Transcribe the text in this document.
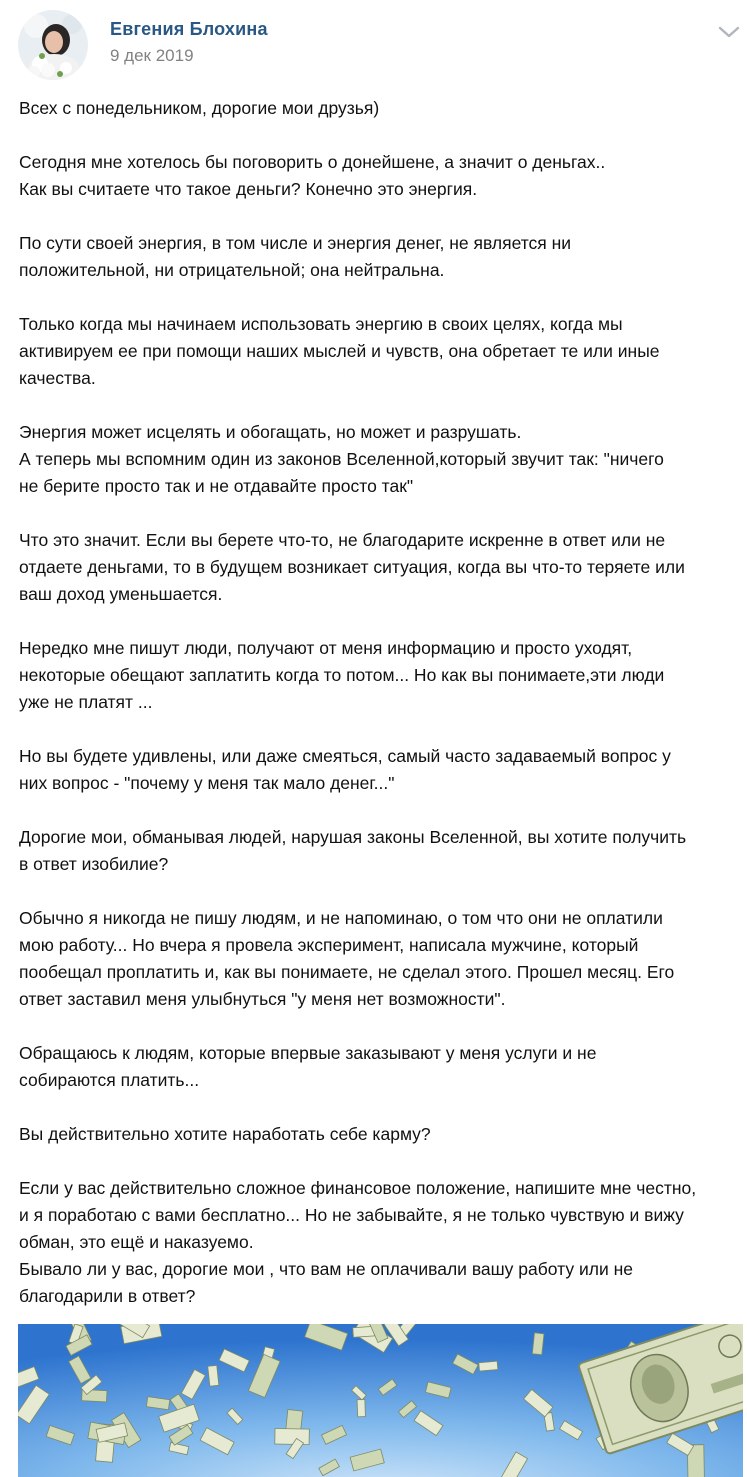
Евгения Блохина
9 дек 2019

Всех с понедельником, дорогие мои друзья)

Сегодня мне хотелось бы поговорить о донейшене, а значит о деньгах..
Как вы считаете что такое деньги? Конечно это энергия.

По сути своей энергия, в том числе и энергия денег, не является ни
положительной, ни отрицательной; она нейтральна.

Только когда мы начинаем использовать энергию в своих целях, когда мы
активируем ее при помощи наших мыслей и чувств, она обретает те или иные
качества.

Энергия может исцелять и обогащать, но может и разрушать.
А теперь мы вспомним один из законов Вселенной,который звучит так: "ничего
не берите просто так и не отдавайте просто так"

Что это значит. Если вы берете что-то, не благодарите искренне в ответ или не
отдаете деньгами, то в будущем возникает ситуация, когда вы что-то теряете или
ваш доход уменьшается.

Нередко мне пишут люди, получают от меня информацию и просто уходят,
некоторые обещают заплатить когда то потом... Но как вы понимаете,эти люди
уже не платят ...

Но вы будете удивлены, или даже смеяться, самый часто задаваемый вопрос у
них вопрос - "почему у меня так мало денег..."

Дорогие мои, обманывая людей, нарушая законы Вселенной, вы хотите получить
в ответ изобилие?

Обычно я никогда не пишу людям, и не напоминаю, о том что они не оплатили
мою работу... Но вчера я провела эксперимент, написала мужчине, который
пообещал проплатить и, как вы понимаете, не сделал этого. Прошел месяц. Его
ответ заставил меня улыбнуться "у меня нет возможности".

Обращаюсь к людям, которые впервые заказывают у меня услуги и не
собираются платить...

Вы действительно хотите наработать себе карму?

Если у вас действительно сложное финансовое положение, напишите мне честно,
и я поработаю с вами бесплатно... Но не забывайте, я не только чувствую и вижу
обман, это ещё и наказуемо.
Бывало ли у вас, дорогие мои , что вам не оплачивали вашу работу или не
благодарили в ответ?
